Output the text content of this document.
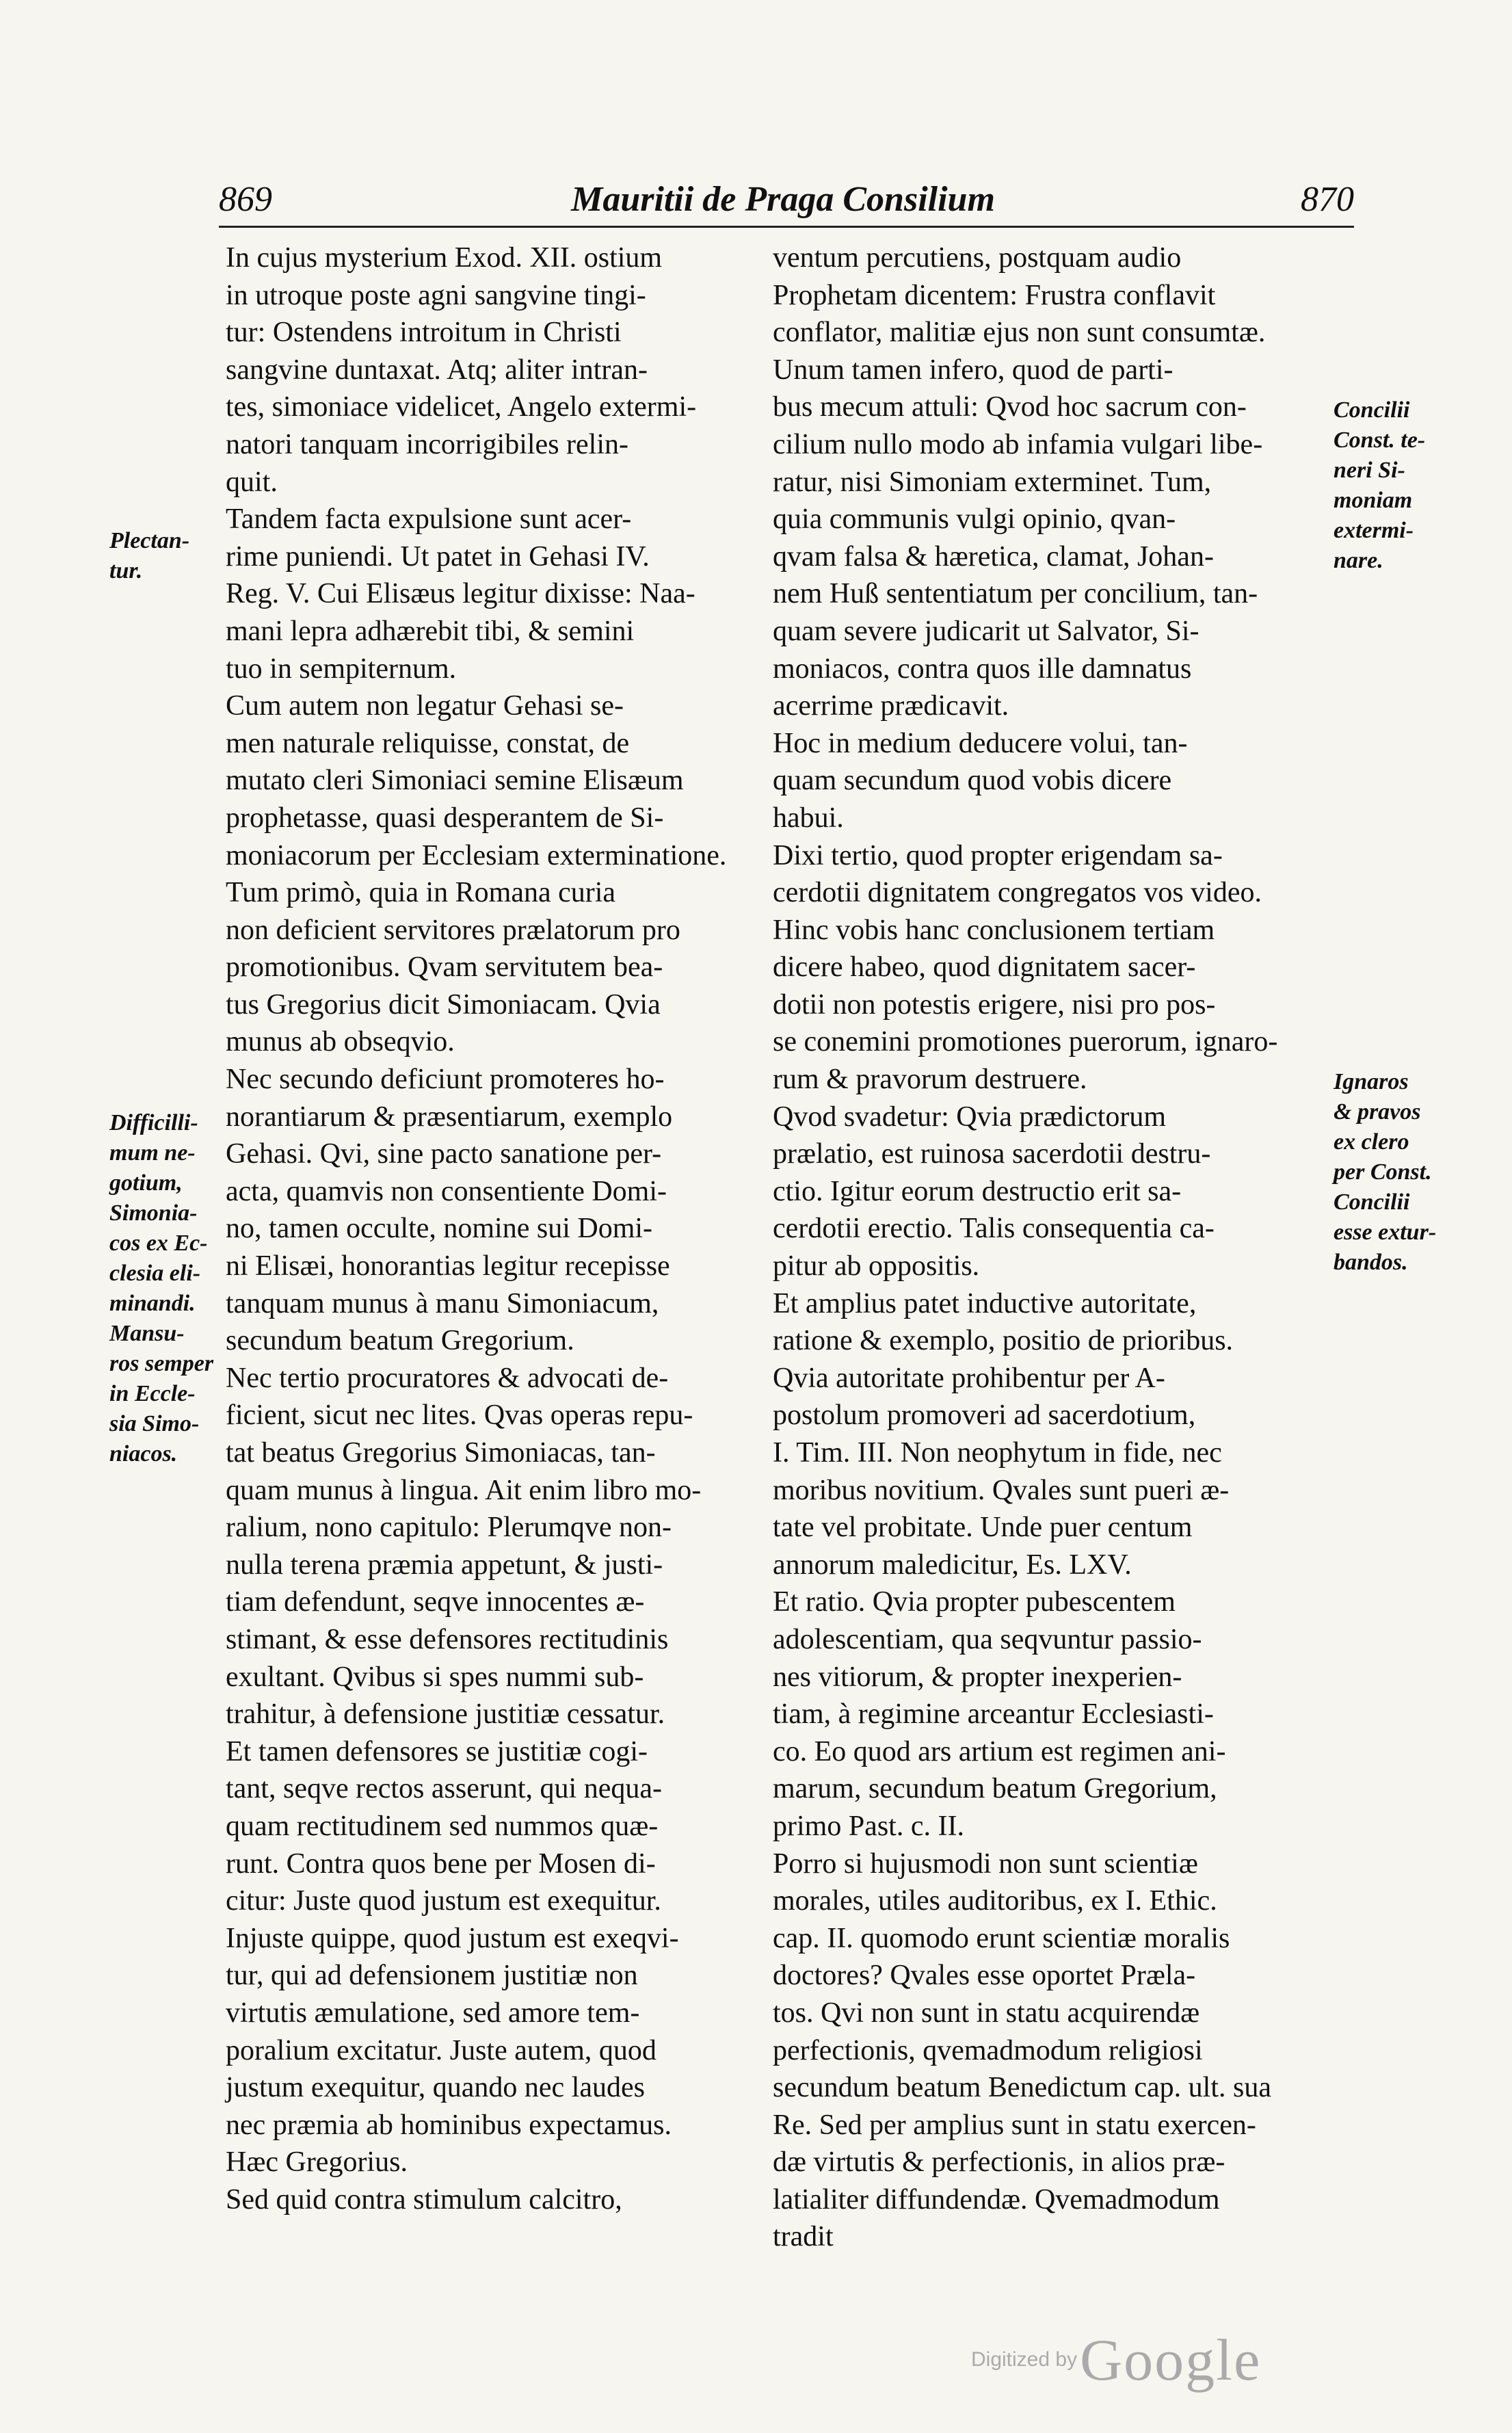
869	Mauritii de Praga Consilium	870
Plectan-
tur.
Difficilli-
mum ne-
gotium,
Simonia-
cos ex Ec-
clesia eli-
minandi.
Mansu-
ros semper
in Eccle-
sia Simo-
niacos.
In cujus mysterium Exod. XII. ostium
in utroque poste agni sangvine tingi-
tur: Ostendens introitum in Christi
sangvine duntaxat. Atq; aliter intran-
tes, simoniace videlicet, Angelo extermi-
natori tanquam incorrigibiles relin-
quit.
Tandem facta expulsione sunt acer-
rime puniendi. Ut patet in Gehasi IV.
Reg. V. Cui Elisæus legitur dixisse: Naa-
mani lepra adhærebit tibi, & semini
tuo in sempiternum.
Cum autem non legatur Gehasi se-
men naturale reliquisse, constat, de
mutato cleri Simoniaci semine Elisæum
prophetasse, quasi desperantem de Si-
moniacorum per Ecclesiam exterminatione.
Tum primò, quia in Romana curia
non deficient servitores prælatorum pro
promotionibus. Qvam servitutem bea-
tus Gregorius dicit Simoniacam. Qvia
munus ab obseqvio.
Nec secundo deficiunt promoteres ho-
norantiarum & præsentiarum, exemplo
Gehasi. Qvi, sine pacto sanatione per-
acta, quamvis non consentiente Domi-
no, tamen occulte, nomine sui Domi-
ni Elisæi, honorantias legitur recepisse
tanquam munus à manu Simoniacum,
secundum beatum Gregorium.
Nec tertio procuratores & advocati de-
ficient, sicut nec lites. Qvas operas repu-
tat beatus Gregorius Simoniacas, tan-
quam munus à lingua. Ait enim libro mo-
ralium, nono capitulo: Plerumqve non-
nulla terena præmia appetunt, & justi-
tiam defendunt, seqve innocentes æ-
stimant, & esse defensores rectitudinis
exultant. Qvibus si spes nummi sub-
trahitur, à defensione justitiæ cessatur.
Et tamen defensores se justitiæ cogi-
tant, seqve rectos asserunt, qui nequa-
quam rectitudinem sed nummos quæ-
runt. Contra quos bene per Mosen di-
citur: Juste quod justum est exequitur.
Injuste quippe, quod justum est exeqvi-
tur, qui ad defensionem justitiæ non
virtutis æmulatione, sed amore tem-
poralium excitatur. Juste autem, quod
justum exequitur, quando nec laudes
nec præmia ab hominibus expectamus.
Hæc Gregorius.
Sed quid contra stimulum calcitro,
ventum percutiens, postquam audio
Prophetam dicentem: Frustra conflavit
conflator, malitiæ ejus non sunt consumtæ.
Unum tamen infero, quod de parti-
bus mecum attuli: Qvod hoc sacrum con-
cilium nullo modo ab infamia vulgari libe-
ratur, nisi Simoniam exterminet. Tum,
quia communis vulgi opinio, qvan-
qvam falsa & hæretica, clamat, Johan-
nem Huß sententiatum per concilium, tan-
quam severe judicarit ut Salvator, Si-
moniacos, contra quos ille damnatus
acerrime prædicavit.
Hoc in medium deducere volui, tan-
quam secundum quod vobis dicere
habui.
Dixi tertio, quod propter erigendam sa-
cerdotii dignitatem congregatos vos video.
Hinc vobis hanc conclusionem tertiam
dicere habeo, quod dignitatem sacer-
dotii non potestis erigere, nisi pro pos-
se conemini promotiones puerorum, ignaro-
rum & pravorum destruere.
Qvod svadetur: Qvia prædictorum
prælatio, est ruinosa sacerdotii destru-
ctio. Igitur eorum destructio erit sa-
cerdotii erectio. Talis consequentia ca-
pitur ab oppositis.
Et amplius patet inductive autoritate,
ratione & exemplo, positio de prioribus.
Qvia autoritate prohibentur per A-
postolum promoveri ad sacerdotium,
I. Tim. III. Non neophytum in fide, nec
moribus novitium. Qvales sunt pueri æ-
tate vel probitate. Unde puer centum
annorum maledicitur, Es. LXV.
Et ratio. Qvia propter pubescentem
adolescentiam, qua seqvuntur passio-
nes vitiorum, & propter inexperien-
tiam, à regimine arceantur Ecclesiasti-
co. Eo quod ars artium est regimen ani-
marum, secundum beatum Gregorium,
primo Past. c. II.
Porro si hujusmodi non sunt scientiæ
morales, utiles auditoribus, ex I. Ethic.
cap. II. quomodo erunt scientiæ moralis
doctores? Qvales esse oportet Præla-
tos. Qvi non sunt in statu acquirendæ
perfectionis, qvemadmodum religiosi
secundum beatum Benedictum cap. ult. sua
Re. Sed per amplius sunt in statu exercen-
dæ virtutis & perfectionis, in alios præ-
latialiter diffundendæ. Qvemadmodum
tradit
Concilii
Const. te-
neri Si-
moniam
extermi-
nare.
Ignaros
& pravos
ex clero
per Const.
Concilii
esse extur-
bandos.
Digitized by Google
